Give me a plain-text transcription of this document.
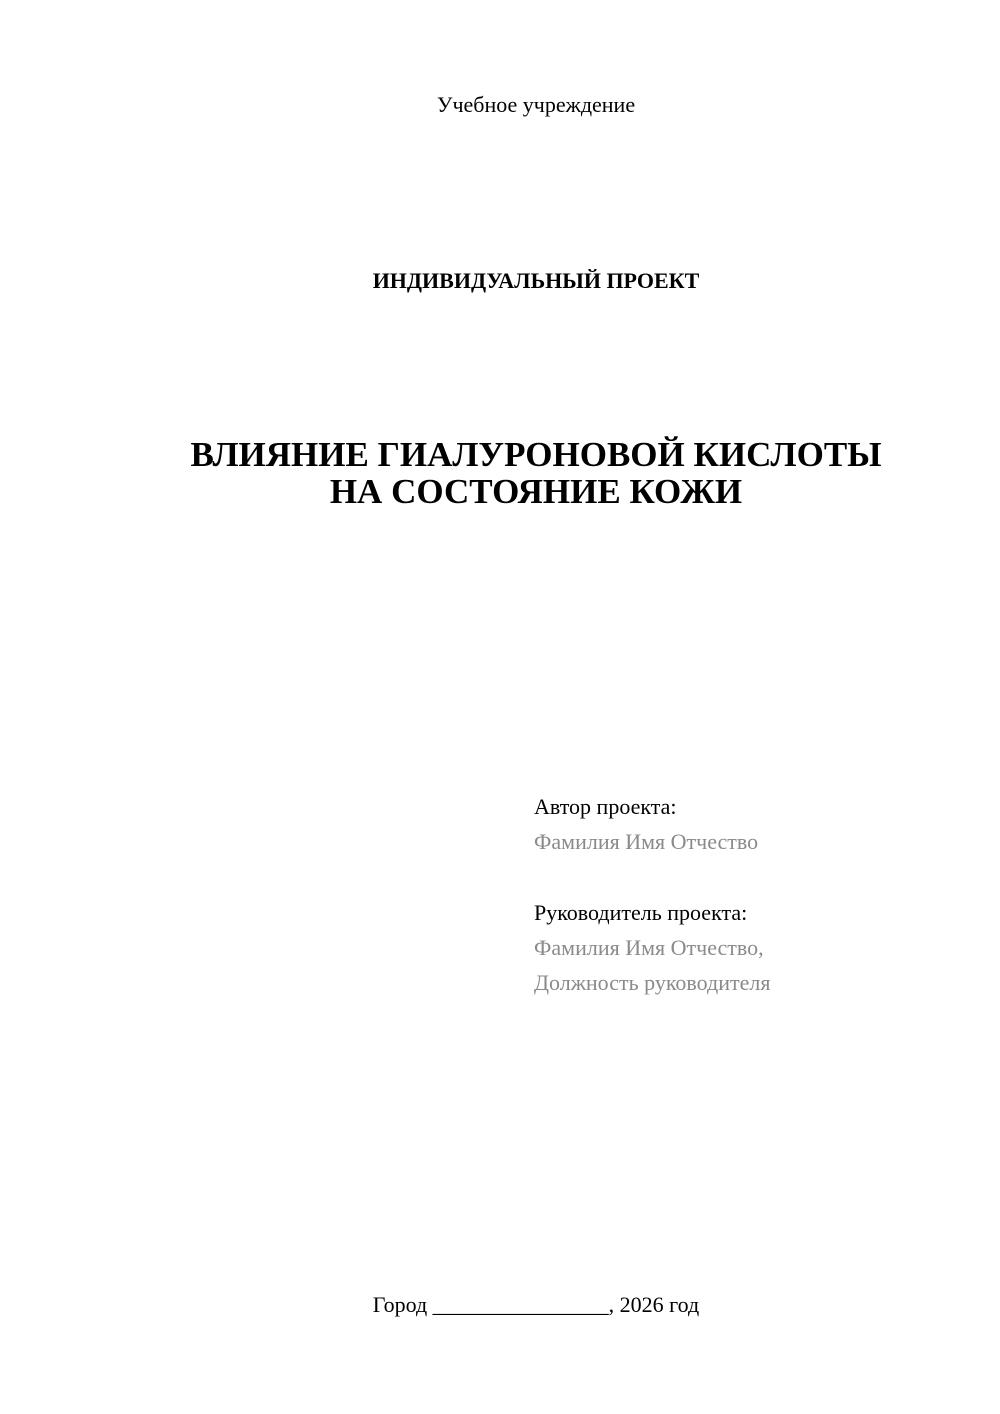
Учебное учреждение
ИНДИВИДУАЛЬНЫЙ ПРОЕКТ
ВЛИЯНИЕ ГИАЛУРОНОВОЙ КИСЛОТЫ
НА СОСТОЯНИЕ КОЖИ
Автор проекта:
Фамилия Имя Отчество
Руководитель проекта:
Фамилия Имя Отчество,
Должность руководителя
Город ________________, 2026 год
